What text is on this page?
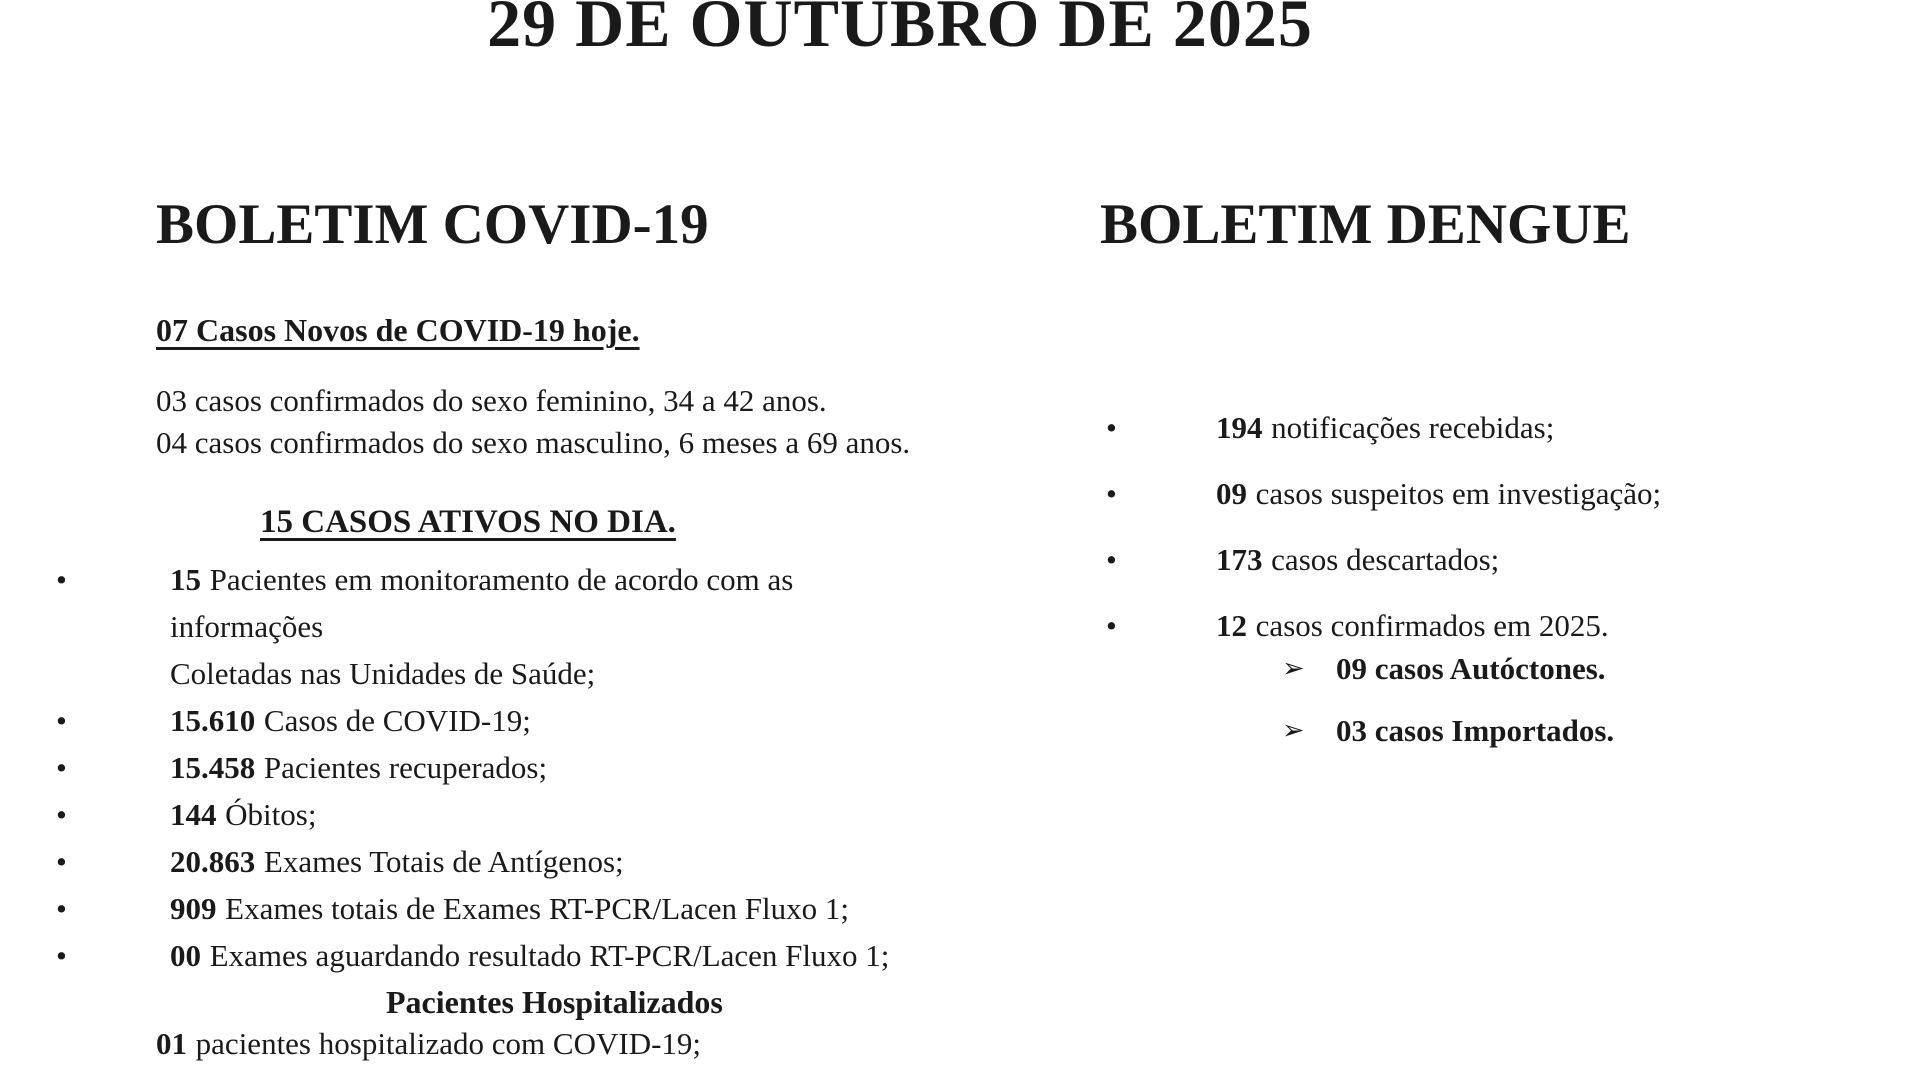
29 DE OUTUBRO DE 2025
BOLETIM COVID-19
07 Casos Novos de COVID-19 hoje.
03 casos confirmados do sexo feminino, 34 a 42 anos.
04 casos confirmados do sexo masculino, 6 meses a 69 anos.
15 CASOS ATIVOS NO DIA.
•	15 Pacientes em monitoramento de acordo com as informações
Coletadas nas Unidades de Saúde;
•	15.610 Casos de COVID-19;
•	15.458 Pacientes recuperados;
•	144 Óbitos;
•	20.863 Exames Totais de Antígenos;
•	909 Exames totais de Exames RT-PCR/Lacen Fluxo 1;
•	00 Exames aguardando resultado RT-PCR/Lacen Fluxo 1;
Pacientes Hospitalizados
01 pacientes hospitalizado com COVID-19;
BOLETIM DENGUE
•	194 notificações recebidas;
•	09 casos suspeitos em investigação;
•	173 casos descartados;
•	12 casos confirmados em 2025.
➢	09 casos Autóctones.
➢	03 casos Importados.
